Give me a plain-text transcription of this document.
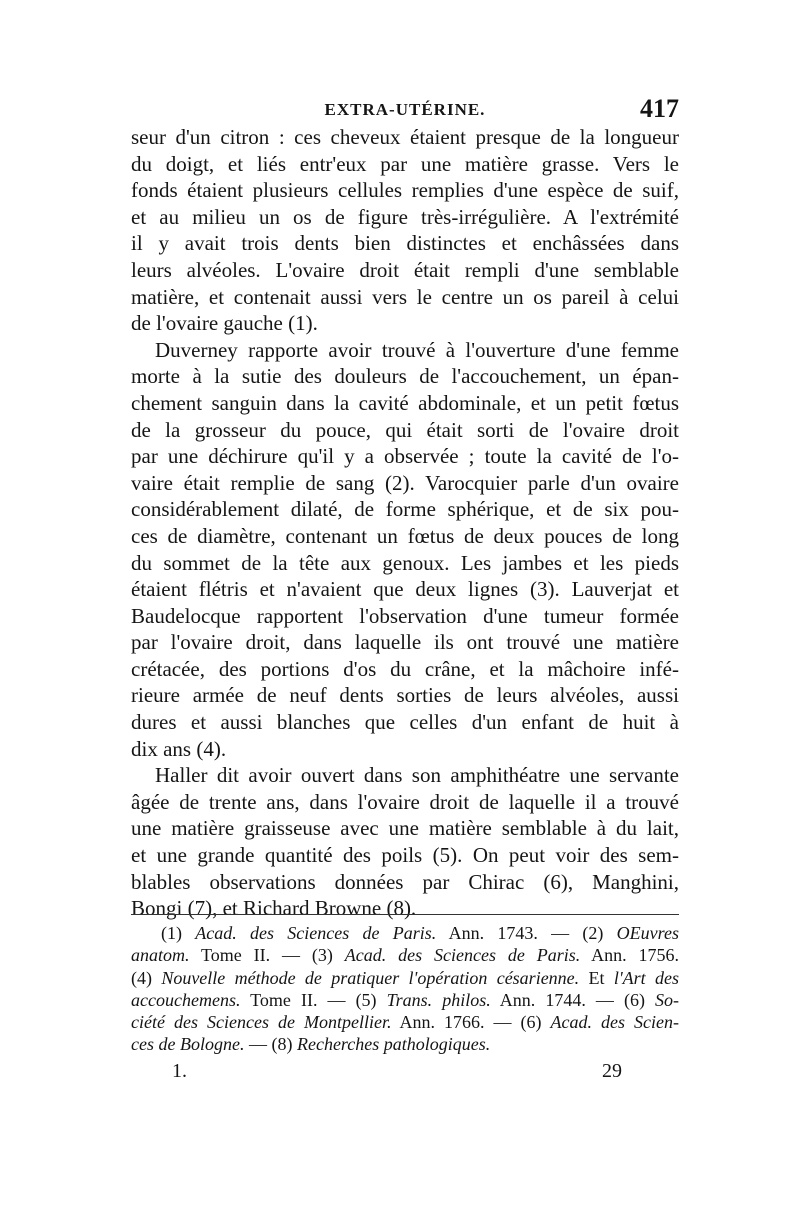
EXTRA-UTÉRINE.	417
seur d'un citron : ces cheveux étaient presque de la longueur
du doigt, et liés entr'eux par une matière grasse. Vers le
fonds étaient plusieurs cellules remplies d'une espèce de suif,
et au milieu un os de figure très-irrégulière. A l'extrémité
il y avait trois dents bien distinctes et enchâssées dans
leurs alvéoles. L'ovaire droit était rempli d'une semblable
matière, et contenait aussi vers le centre un os pareil à celui
de l'ovaire gauche (1).
Duverney rapporte avoir trouvé à l'ouverture d'une femme
morte à la sutie des douleurs de l'accouchement, un épan-
chement sanguin dans la cavité abdominale, et un petit fœtus
de la grosseur du pouce, qui était sorti de l'ovaire droit
par une déchirure qu'il y a observée ; toute la cavité de l'o-
vaire était remplie de sang (2). Varocquier parle d'un ovaire
considérablement dilaté, de forme sphérique, et de six pou-
ces de diamètre, contenant un fœtus de deux pouces de long
du sommet de la tête aux genoux. Les jambes et les pieds
étaient flétris et n'avaient que deux lignes (3). Lauverjat et
Baudelocque rapportent l'observation d'une tumeur formée
par l'ovaire droit, dans laquelle ils ont trouvé une matière
crétacée, des portions d'os du crâne, et la mâchoire infé-
rieure armée de neuf dents sorties de leurs alvéoles, aussi
dures et aussi blanches que celles d'un enfant de huit à
dix ans (4).
Haller dit avoir ouvert dans son amphithéatre une servante
âgée de trente ans, dans l'ovaire droit de laquelle il a trouvé
une matière graisseuse avec une matière semblable à du lait,
et une grande quantité des poils (5). On peut voir des sem-
blables observations données par Chirac (6), Manghini,
Bongi (7), et Richard Browne (8).
(1) Acad. des Sciences de Paris. Ann. 1743. — (2) OEuvres
anatom. Tome II. — (3) Acad. des Sciences de Paris. Ann. 1756.
(4) Nouvelle méthode de pratiquer l'opération césarienne. Et l'Art des
accouchemens. Tome II. — (5) Trans. philos. Ann. 1744. — (6) So-
ciété des Sciences de Montpellier. Ann. 1766. — (6) Acad. des Scien-
ces de Bologne. — (8) Recherches pathologiques.
1.	29
